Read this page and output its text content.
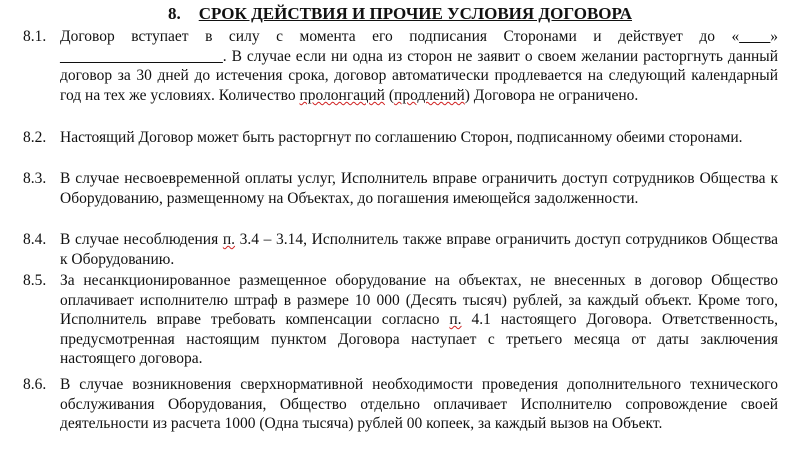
8. СРОК ДЕЙСТВИЯ И ПРОЧИЕ УСЛОВИЯ ДОГОВОРА
8.1. Договор вступает в силу с момента его подписания Сторонами и действует до «____» _____________________. В случае если ни одна из сторон не заявит о своем желании расторгнуть данный договор за 30 дней до истечения срока, договор автоматически продлевается на следующий календарный год на тех же условиях. Количество пролонгаций (продлений) Договора не ограничено.
8.2. Настоящий Договор может быть расторгнут по соглашению Сторон, подписанному обеими сторонами.
8.3. В случае несвоевременной оплаты услуг, Исполнитель вправе ограничить доступ сотрудников Общества к Оборудованию, размещенному на Объектах, до погашения имеющейся задолженности.
8.4. В случае несоблюдения п. 3.4 – 3.14, Исполнитель также вправе ограничить доступ сотрудников Общества к Оборудованию.
8.5. За несанкционированное размещенное оборудование на объектах, не внесенных в договор Общество оплачивает исполнителю штраф в размере 10 000 (Десять тысяч) рублей, за каждый объект. Кроме того, Исполнитель вправе требовать компенсации согласно п. 4.1 настоящего Договора. Ответственность, предусмотренная настоящим пунктом Договора наступает с третьего месяца от даты заключения настоящего договора.
8.6. В случае возникновения сверхнормативной необходимости проведения дополнительного технического обслуживания Оборудования, Общество отдельно оплачивает Исполнителю сопровождение своей деятельности из расчета 1000 (Одна тысяча) рублей 00 копеек, за каждый вызов на Объект.
